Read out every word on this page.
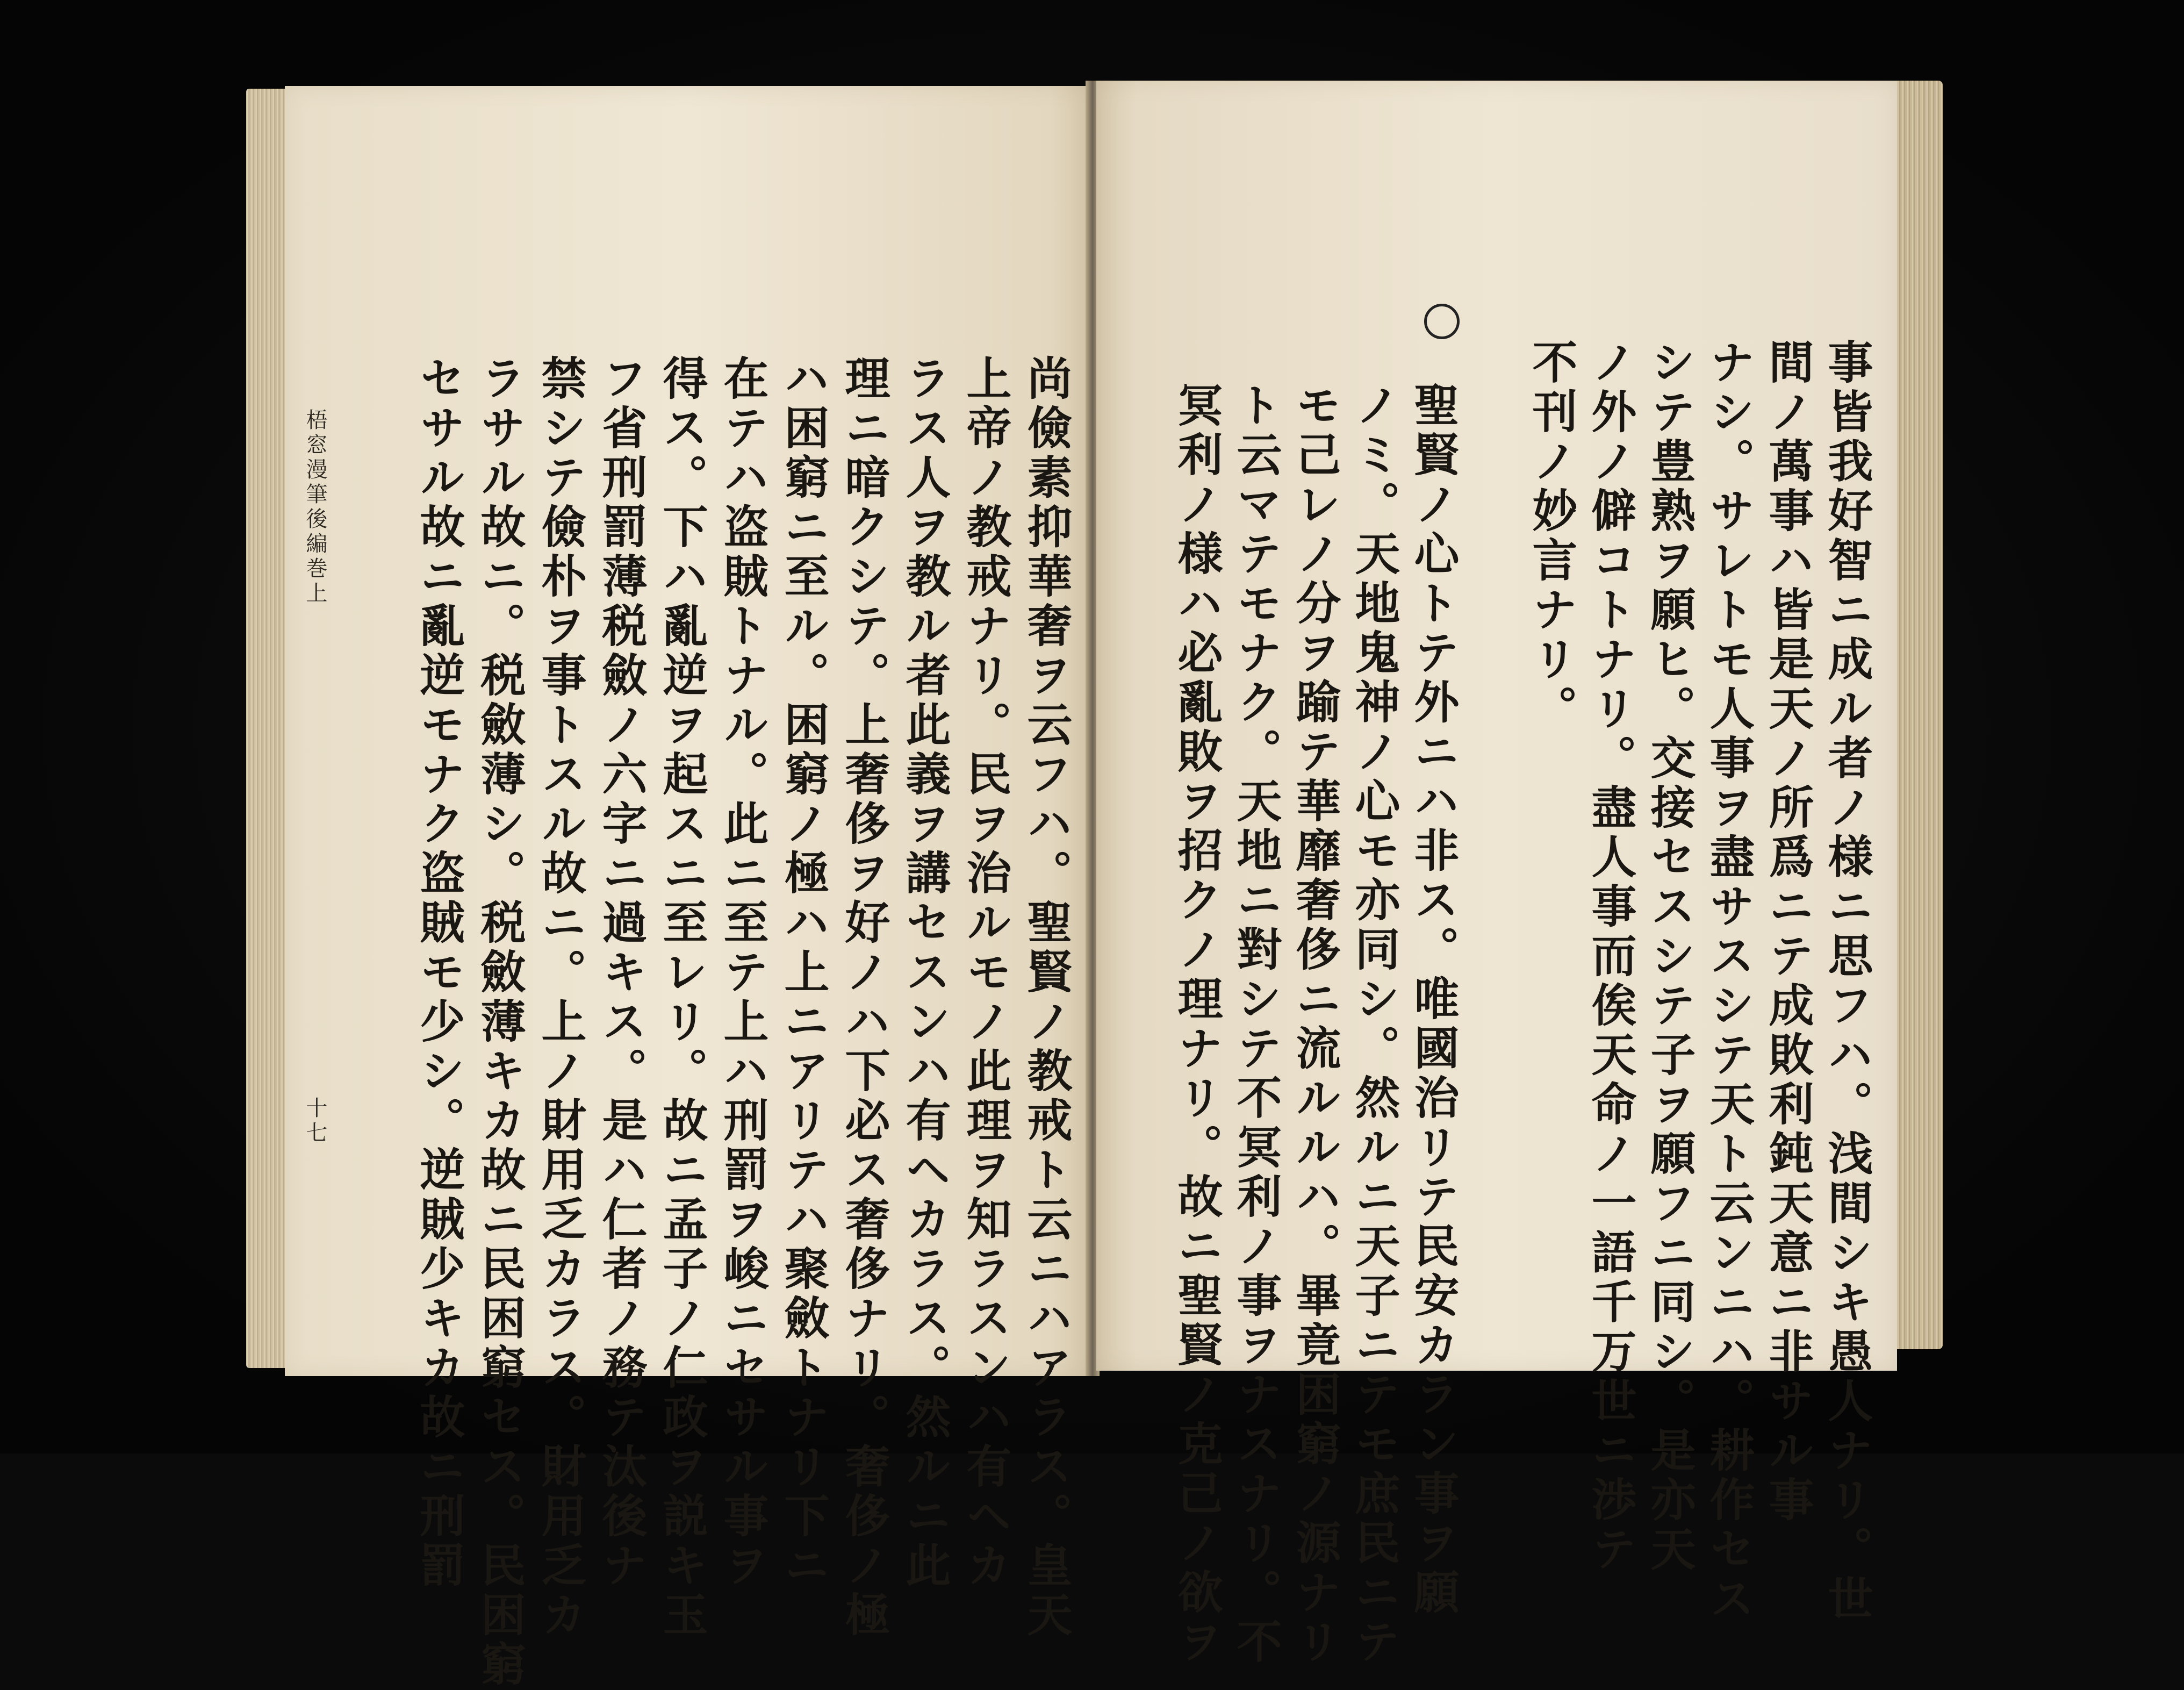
尚儉素抑華奢ヲ云フハ。聖賢ノ教戒ト云ニハアラス。皇天
上帝ノ教戒ナリ。民ヲ治ルモノ此理ヲ知ラスンハ有ヘカ
ラス人ヲ教ル者此義ヲ講セスンハ有ヘカラス。然ルニ此
理ニ暗クシテ。上奢侈ヲ好ノハ下必ス奢侈ナリ。奢侈ノ極
ハ困窮ニ至ル。困窮ノ極ハ上ニアリテハ聚斂トナリ下ニ
在テハ盗賊トナル。此ニ至テ上ハ刑罰ヲ峻ニセサル事ヲ
得ス。下ハ亂逆ヲ起スニ至レリ。故ニ孟子ノ仁政ヲ説キ玉
フ省刑罰薄税斂ノ六字ニ過キス。是ハ仁者ノ務テ汰後ナ
禁シテ儉朴ヲ事トスル故ニ。上ノ財用乏カラス。財用乏カ
ラサル故ニ。税斂薄シ。税斂薄キカ故ニ民困窮セス。民困窮
セサル故ニ亂逆モナク盗賊モ少シ。逆賊少キカ故ニ刑罰
梧窓漫筆後編巻上
十七
　　　　　　　　	事皆我好智ニ成ル者ノ様ニ思フハ。浅間シキ愚人ナリ。世
間ノ萬事ハ皆是天ノ所爲ニテ成敗利鈍天意ニ非サル事
ナシ。サレトモ人事ヲ盡サスシテ天ト云ンニハ。耕作セス
シテ豊熟ヲ願ヒ。交接セスシテ子ヲ願フニ同シ。是亦天
ノ外ノ僻コトナリ。盡人事而俟天命ノ一語千万世ニ渉テ
不刊ノ妙言ナリ。
聖賢ノ心トテ外ニハ非ス。唯國治リテ民安カラン事ヲ願
ノミ。天地鬼神ノ心モ亦同シ。然ルニ天子ニテモ庶民ニテ
モ己レノ分ヲ踰テ華靡奢侈ニ流ルルハ。畢竟困窮ノ源ナリ
ト云マテモナク。天地ニ對シテ不冥利ノ事ヲナスナリ。不
冥利ノ様ハ必亂敗ヲ招クノ理ナリ。故ニ聖賢ノ克己ノ欲ヲ
